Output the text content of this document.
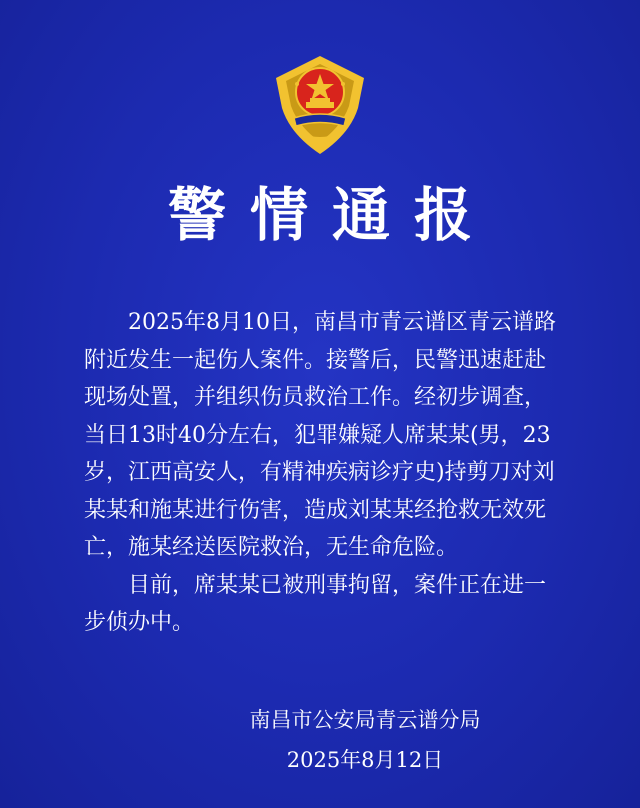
警情通报

2025年8月10日，南昌市青云谱区青云谱路附近发生一起伤人案件。接警后，民警迅速赶赴现场处置，并组织伤员救治工作。经初步调查，当日13时40分左右，犯罪嫌疑人席某某(男，23岁，江西高安人，有精神疾病诊疗史)持剪刀对刘某某和施某进行伤害，造成刘某某经抢救无效死亡，施某经送医院救治，无生命危险。

目前，席某某已被刑事拘留，案件正在进一步侦办中。

南昌市公安局青云谱分局
2025年8月12日
